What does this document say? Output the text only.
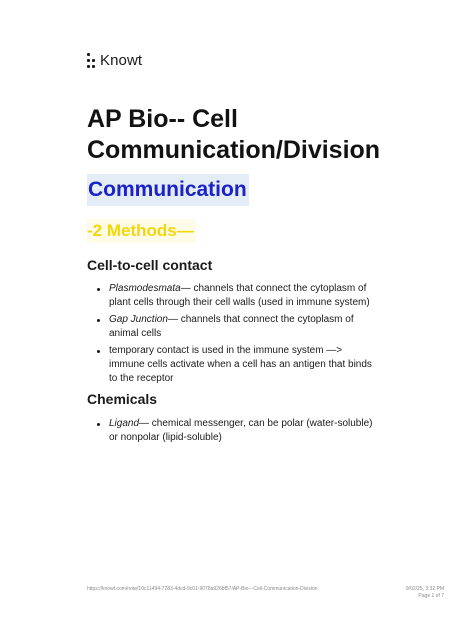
Knowt
AP Bio-- Cell Communication/Division
Communication
-2 Methods—
Cell-to-cell contact
Plasmodesmata— channels that connect the cytoplasm of plant cells through their cell walls (used in immune system)
Gap Junction— channels that connect the cytoplasm of animal cells
temporary contact is used in the immune system —> immune cells activate when a cell has an antigen that binds to the receptor
Chemicals
Ligand— chemical messenger, can be polar (water-soluble) or nonpolar (lipid-soluble)
https://knowt.com/note/10c11494-7283-4dcd-9c01-9078a926bf57/AP-Bio---Cell-Communication-Division	9/02/25, 3:32 PM
Page 1 of 7
